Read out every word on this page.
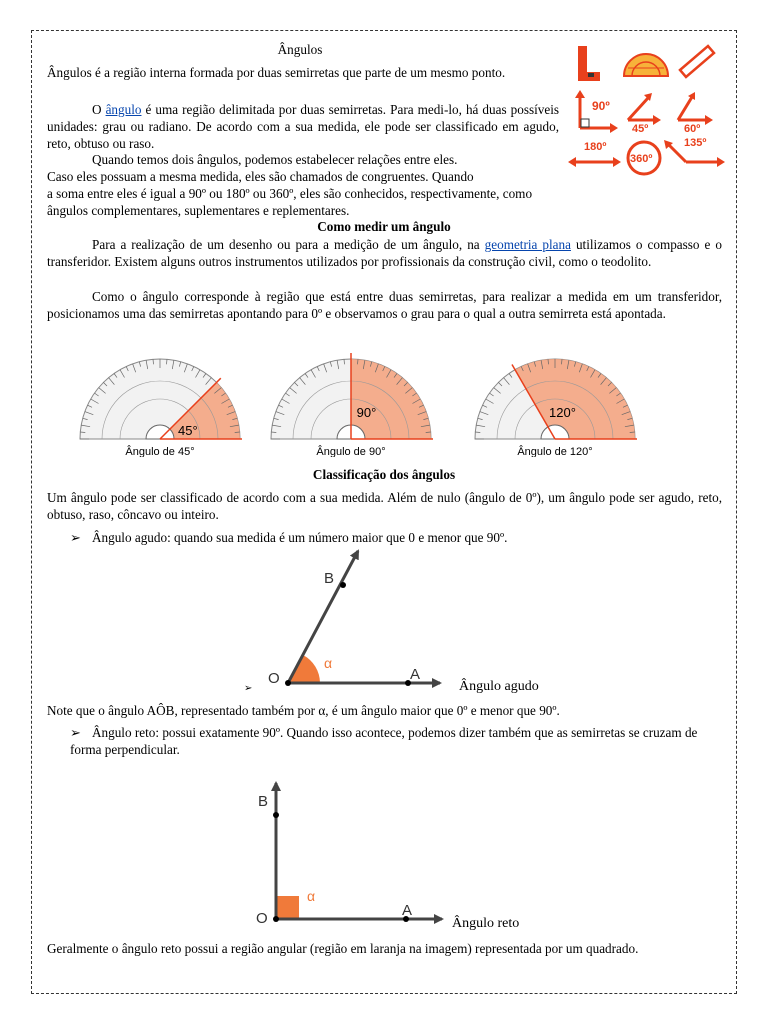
Ângulos

Ângulos é a região interna formada por duas semirretas que parte de um mesmo ponto.

O ângulo é uma região delimitada por duas semirretas. Para medi-lo, há duas possíveis unidades: grau ou radiano. De acordo com a sua medida, ele pode ser classificado em agudo, reto, obtuso ou raso.

Quando temos dois ângulos, podemos estabelecer relações entre eles.

Caso eles possuam a mesma medida, eles são chamados de congruentes. Quando

a soma entre eles é igual a 90º ou 180º ou 360º, eles são conhecidos, respectivamente, como

ângulos complementares, suplementares e replementares.

90º
45º	60º
180º
360º
135º
Como medir um ângulo

Para a realização de um desenho ou para a medição de um ângulo, na geometria plana utilizamos o compasso e o transferidor. Existem alguns outros instrumentos utilizados por profissionais da construção civil, como o teodolito.

Como o ângulo corresponde à região que está entre duas semirretas, para realizar a medida em um transferidor, posicionamos uma das semirretas apontando para 0º e observamos o grau para o qual a outra semirreta está apontada.

45°
Ângulo de 45°
90°
Ângulo de 90°
120°
Ângulo de 120°
Classificação dos ângulos

Um ângulo pode ser classificado de acordo com a sua medida. Além de nulo (ângulo de 0º), um ângulo pode ser agudo, reto, obtuso, raso, côncavo ou inteiro.

➢ Ângulo agudo: quando sua medida é um número maior que 0 e menor que 90º.

B
O	A
α
Ângulo agudo
➢

Note que o ângulo AÔB, representado também por α, é um ângulo maior que 0º e menor que 90º.

➢ Ângulo reto: possui exatamente 90º. Quando isso acontece, podemos dizer também que as semirretas se cruzam de forma perpendicular.

B
O	A
α
Ângulo reto

Geralmente o ângulo reto possui a região angular (região em laranja na imagem) representada por um quadrado.
